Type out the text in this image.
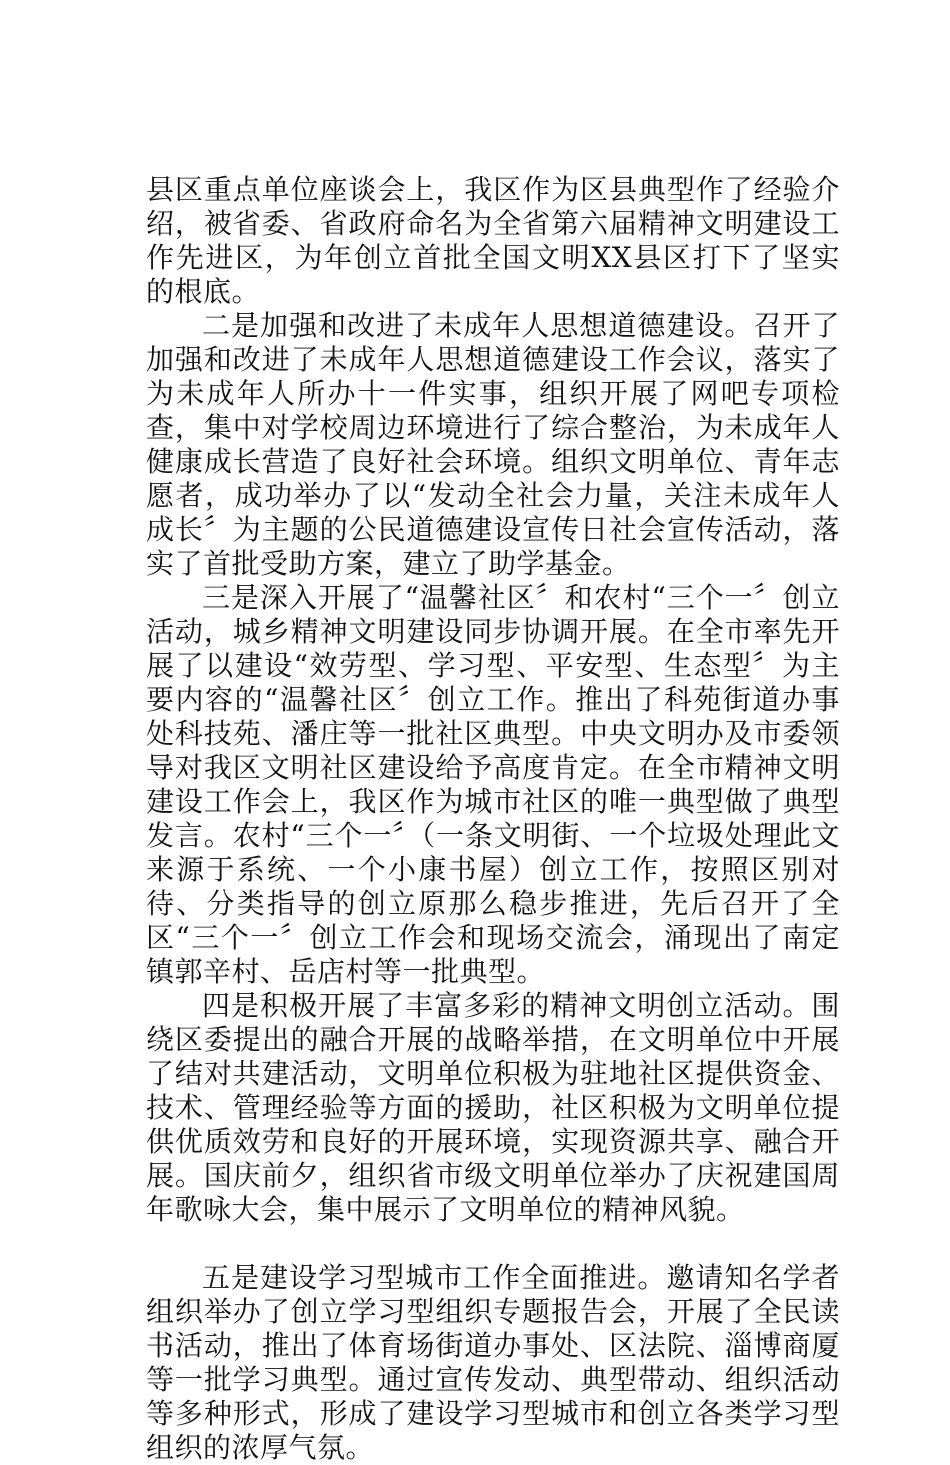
县区重点单位座谈会上，我区作为区县典型作了经验介绍，被省委、省政府命名为全省第六届精神文明建设工作先进区，为年创立首批全国文明XX县区打下了坚实的根底。

二是加强和改进了未成年人思想道德建设。召开了加强和改进了未成年人思想道德建设工作会议，落实了为未成年人所办十一件实事，组织开展了网吧专项检查，集中对学校周边环境进行了综合整治，为未成年人健康成长营造了良好社会环境。组织文明单位、青年志愿者，成功举办了以“发动全社会力量，关注未成年人成长〞为主题的公民道德建设宣传日社会宣传活动，落实了首批受助方案，建立了助学基金。

三是深入开展了“温馨社区〞和农村“三个一〞创立活动，城乡精神文明建设同步协调开展。在全市率先开展了以建设“效劳型、学习型、平安型、生态型〞为主要内容的“温馨社区〞创立工作。推出了科苑街道办事处科技苑、潘庄等一批社区典型。中央文明办及市委领导对我区文明社区建设给予高度肯定。在全市精神文明建设工作会上，我区作为城市社区的唯一典型做了典型发言。农村“三个一〞（一条文明街、一个垃圾处理此文来源于系统、一个小康书屋）创立工作，按照区别对待、分类指导的创立原那么稳步推进，先后召开了全区“三个一〞创立工作会和现场交流会，涌现出了南定镇郭辛村、岳店村等一批典型。

四是积极开展了丰富多彩的精神文明创立活动。围绕区委提出的融合开展的战略举措，在文明单位中开展了结对共建活动，文明单位积极为驻地社区提供资金、技术、管理经验等方面的援助，社区积极为文明单位提供优质效劳和良好的开展环境，实现资源共享、融合开展。国庆前夕，组织省市级文明单位举办了庆祝建国周年歌咏大会，集中展示了文明单位的精神风貌。

五是建设学习型城市工作全面推进。邀请知名学者组织举办了创立学习型组织专题报告会，开展了全民读书活动，推出了体育场街道办事处、区法院、淄博商厦等一批学习典型。通过宣传发动、典型带动、组织活动等多种形式，形成了建设学习型城市和创立各类学习型组织的浓厚气氛。
